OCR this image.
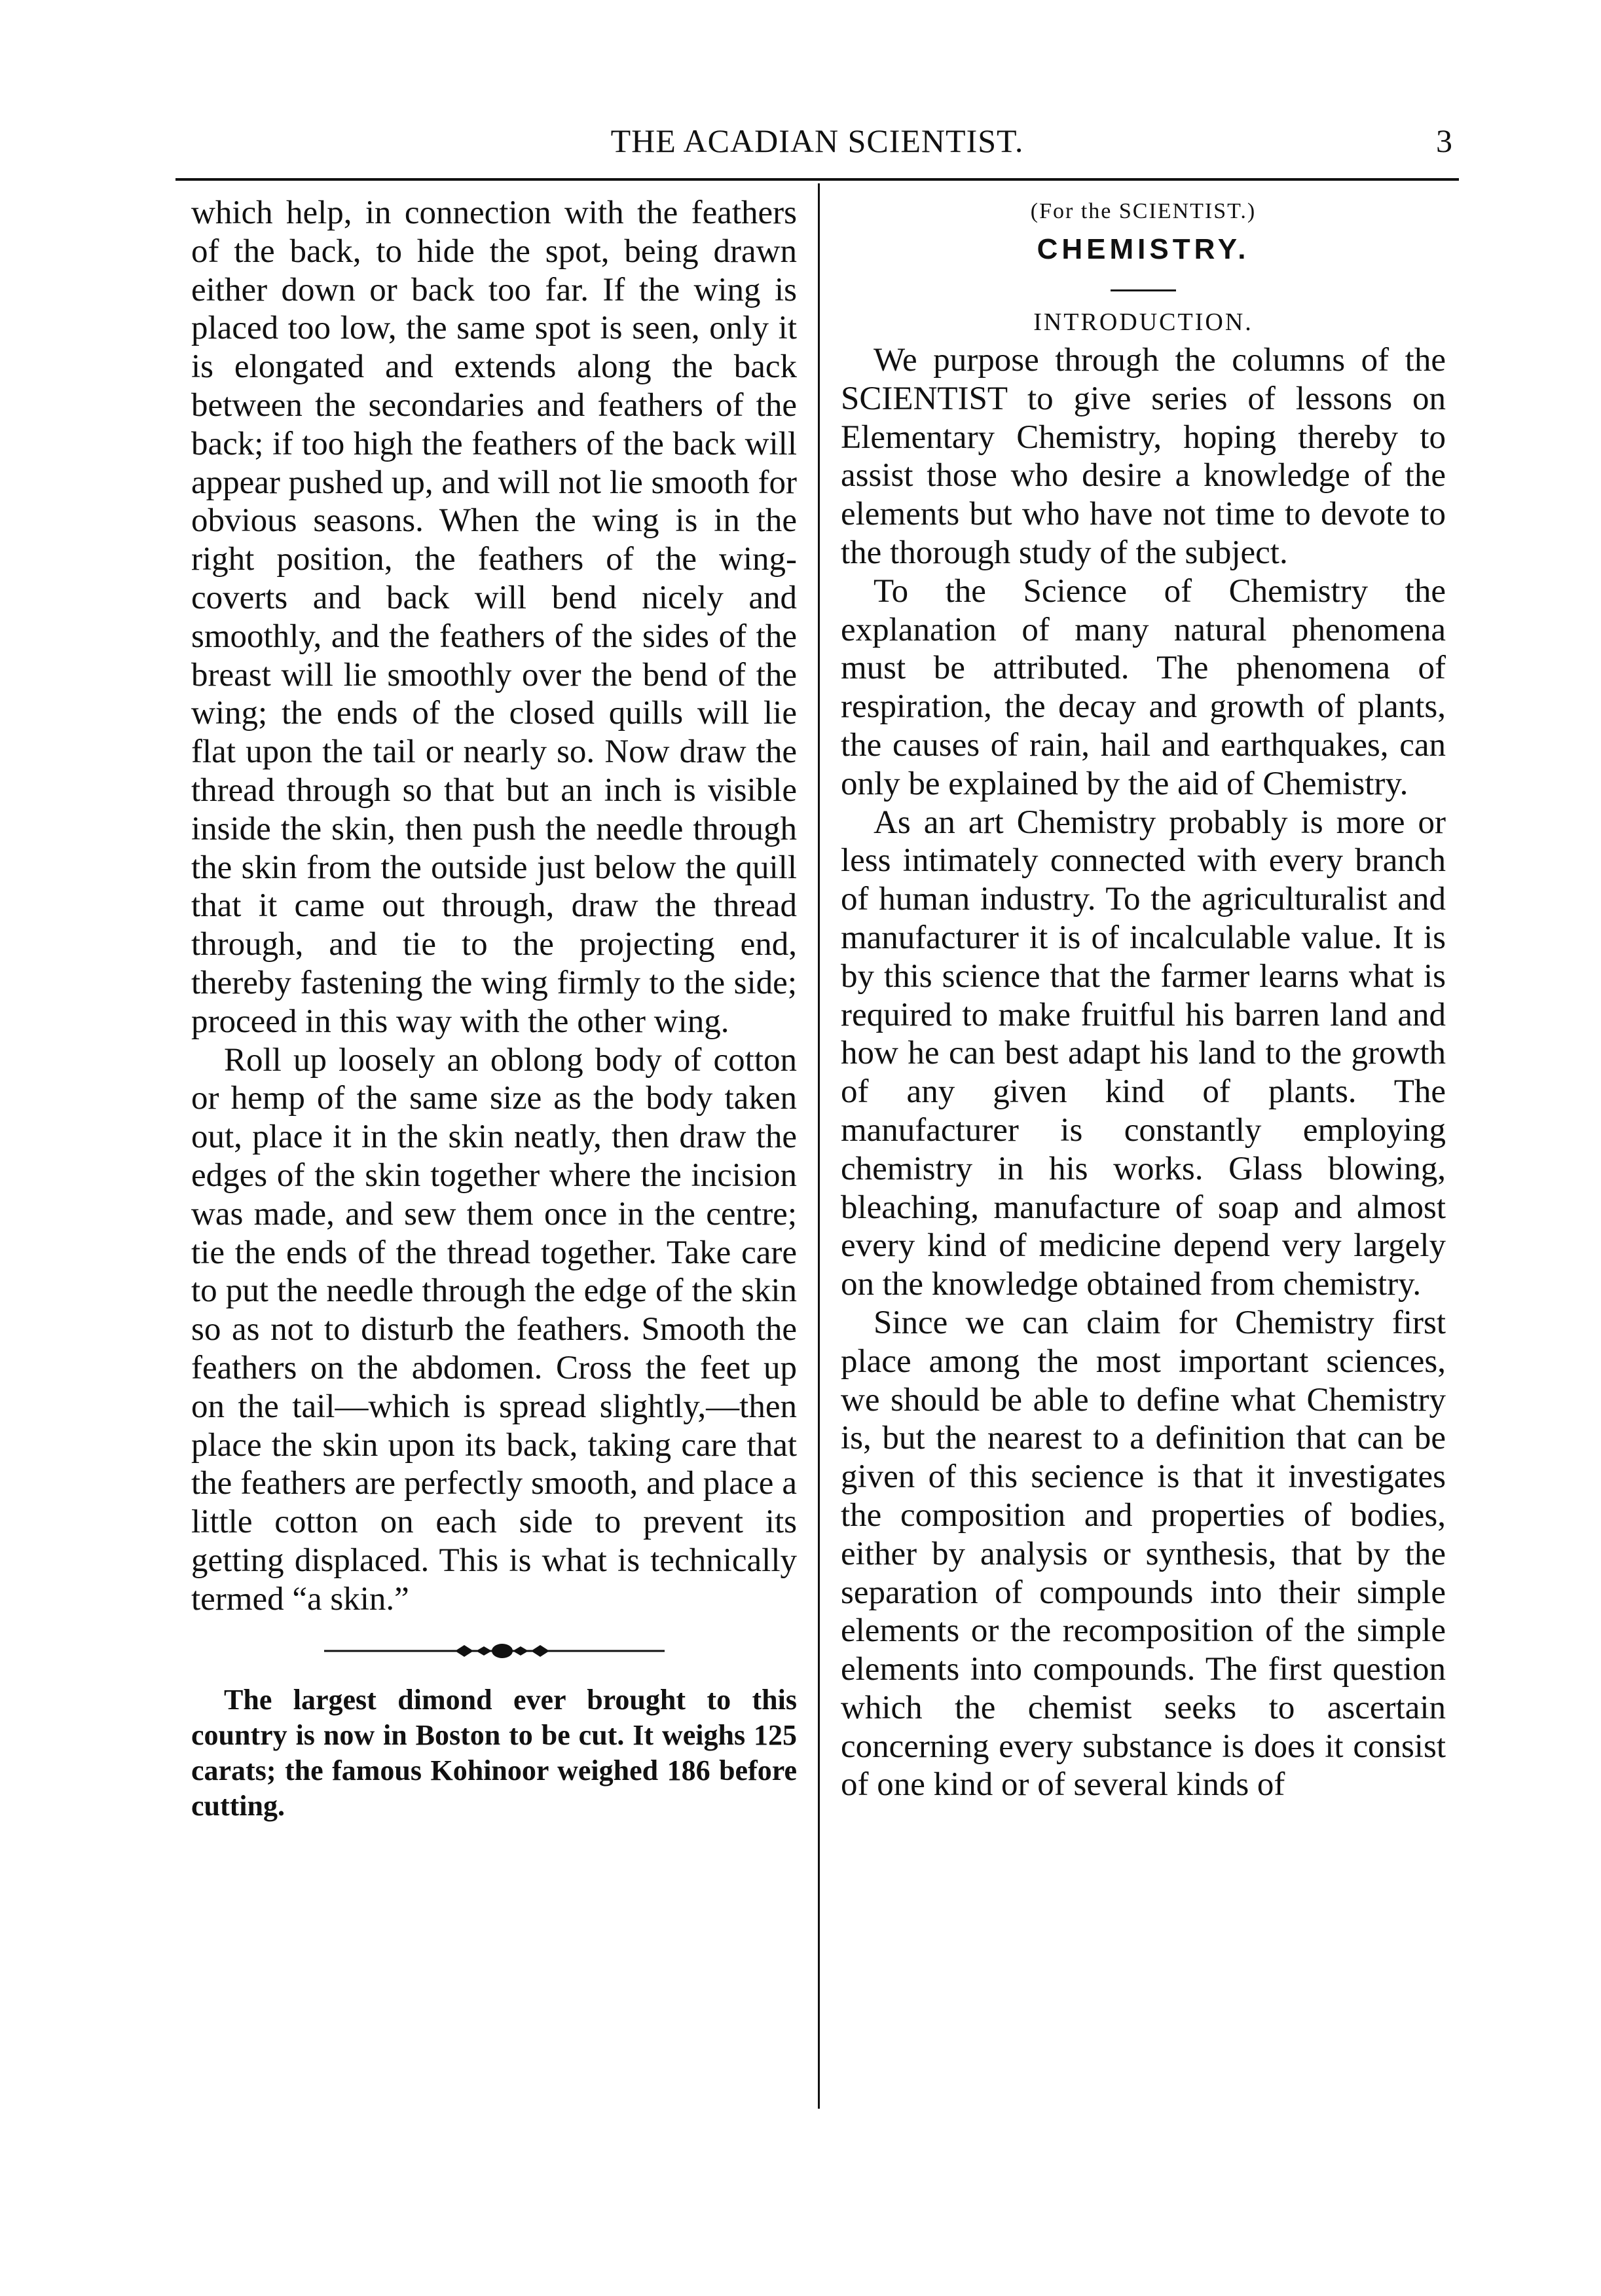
THE ACADIAN SCIENTIST.	3

which help, in connection with the feathers of the back, to hide the spot, being drawn either down or back too far. If the wing is placed too low, the same spot is seen, only it is elongated and extends along the back between the secondaries and feathers of the back; if too high the feathers of the back will appear pushed up, and will not lie smooth for obvious seasons. When the wing is in the right position, the feathers of the wing-coverts and back will bend nicely and smoothly, and the feathers of the sides of the breast will lie smoothly over the bend of the wing; the ends of the closed quills will lie flat upon the tail or nearly so. Now draw the thread through so that but an inch is visible inside the skin, then push the needle through the skin from the outside just below the quill that it came out through, draw the thread through, and tie to the projecting end, thereby fastening the wing firmly to the side; proceed in this way with the other wing.

Roll up loosely an oblong body of cotton or hemp of the same size as the body taken out, place it in the skin neatly, then draw the edges of the skin together where the incision was made, and sew them once in the centre; tie the ends of the thread together. Take care to put the needle through the edge of the skin so as not to disturb the feathers. Smooth the feathers on the abdomen. Cross the feet up on the tail—which is spread slightly,—then place the skin upon its back, taking care that the feathers are perfectly smooth, and place a little cotton on each side to prevent its getting displaced. This is what is technically termed “a skin.”

The largest dimond ever brought to this country is now in Boston to be cut. It weighs 125 carats; the famous Kohinoor weighed 186 before cutting.

(For the SCIENTIST.)
CHEMISTRY.
INTRODUCTION.

We purpose through the columns of the SCIENTIST to give series of lessons on Elementary Chemistry, hoping thereby to assist those who desire a knowledge of the elements but who have not time to devote to the thorough study of the subject.

To the Science of Chemistry the explanation of many natural phenomena must be attributed. The phenomena of respiration, the decay and growth of plants, the causes of rain, hail and earthquakes, can only be explained by the aid of Chemistry.

As an art Chemistry probably is more or less intimately connected with every branch of human industry. To the agriculturalist and manufacturer it is of incalculable value. It is by this science that the farmer learns what is required to make fruitful his barren land and how he can best adapt his land to the growth of any given kind of plants. The manufacturer is constantly employing chemistry in his works. Glass blowing, bleaching, manufacture of soap and almost every kind of medicine depend very largely on the knowledge obtained from chemistry.

Since we can claim for Chemistry first place among the most important sciences, we should be able to define what Chemistry is, but the nearest to a definition that can be given of this secience is that it investigates the composition and properties of bodies, either by analysis or synthesis, that by the separation of compounds into their simple elements or the recomposition of the simple elements into compounds. The first question which the chemist seeks to ascertain concerning every substance is does it consist of one kind or of several kinds of
